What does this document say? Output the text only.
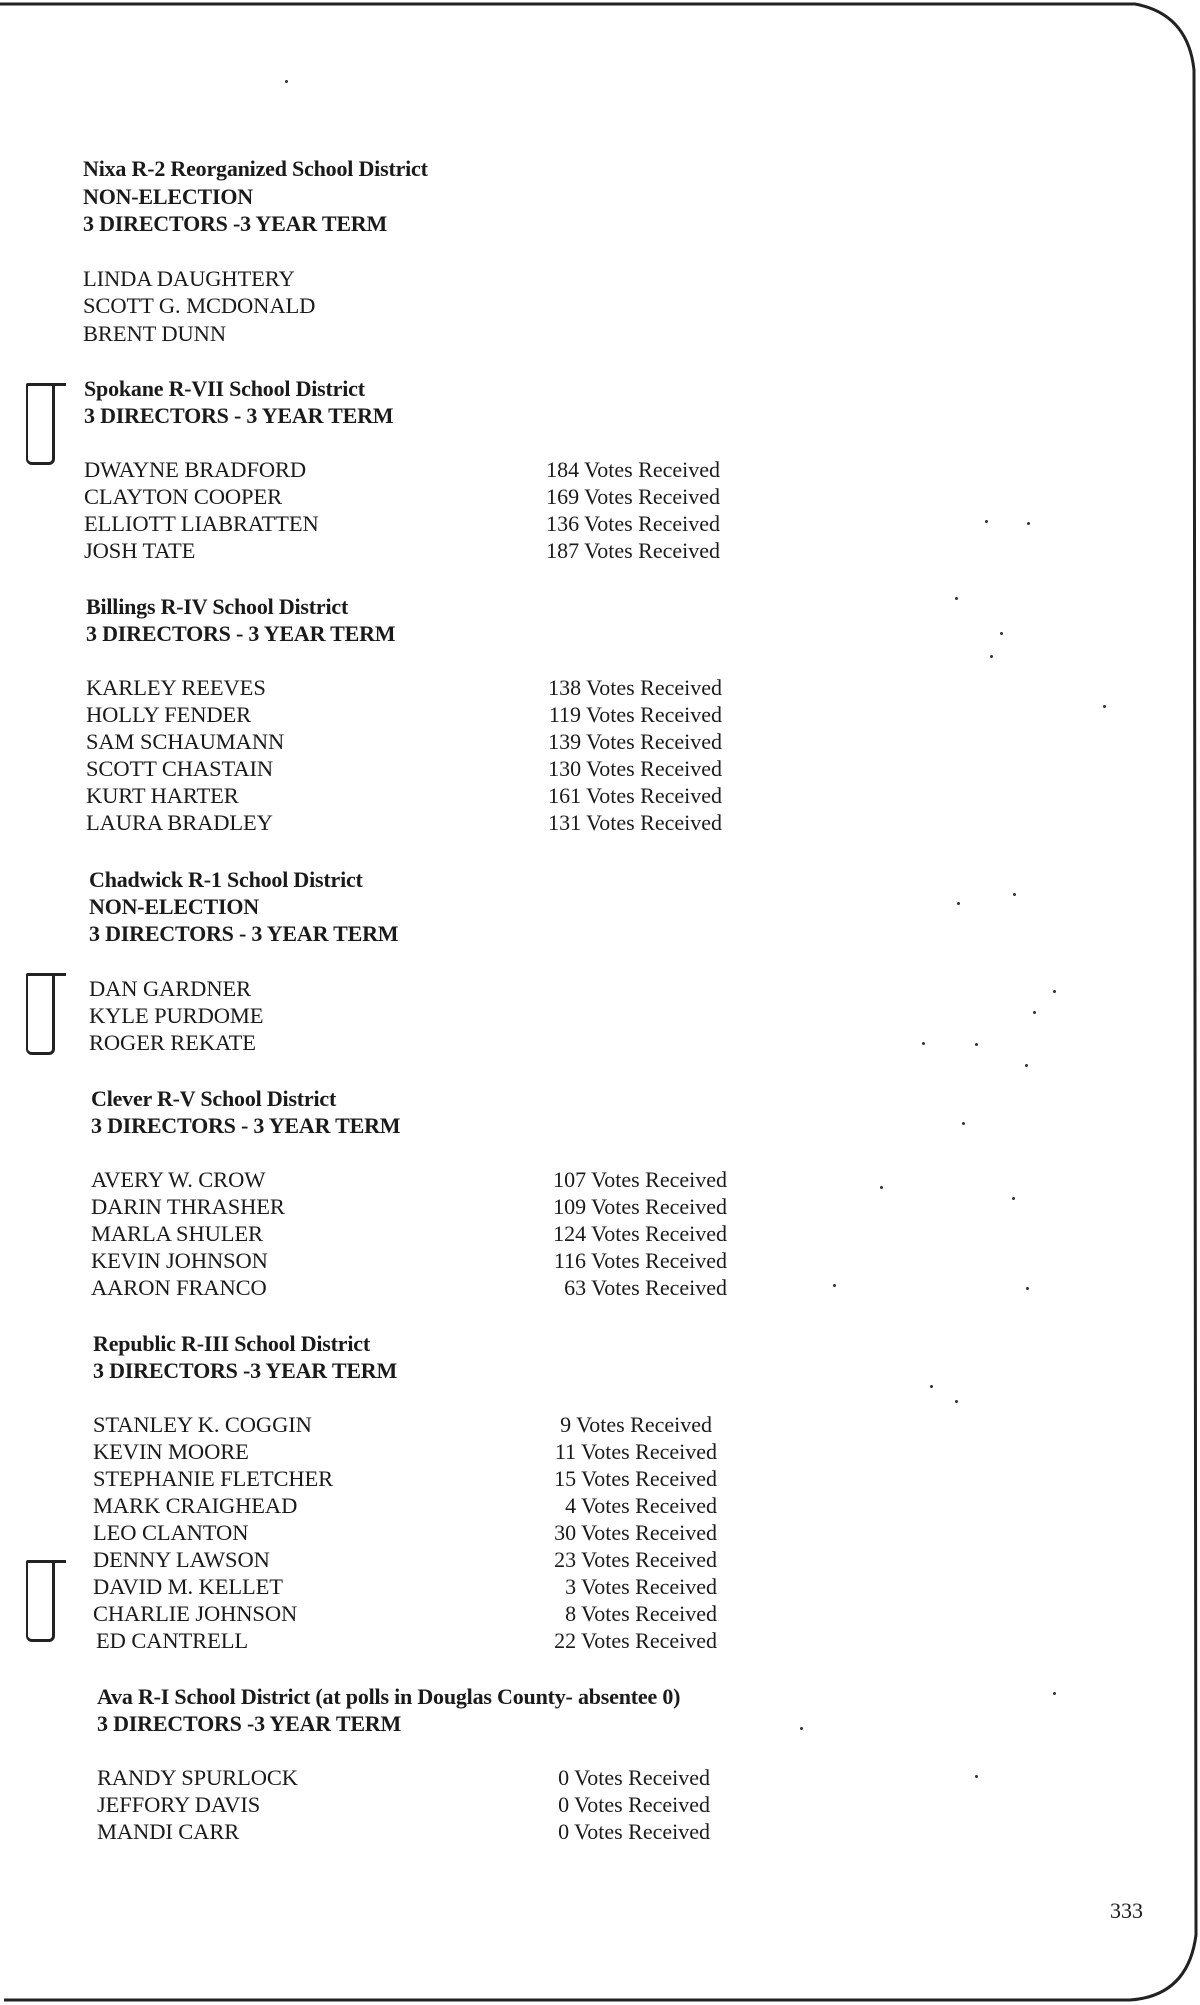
Nixa R-2 Reorganized School District
NON-ELECTION
3 DIRECTORS -3 YEAR TERM
LINDA DAUGHTERY
SCOTT G. MCDONALD
BRENT DUNN
Spokane R-VII School District
3 DIRECTORS - 3 YEAR TERM
DWAYNE BRADFORD	184 Votes Received
CLAYTON COOPER	169 Votes Received
ELLIOTT LIABRATTEN	136 Votes Received
JOSH TATE	187 Votes Received
Billings R-IV School District
3 DIRECTORS - 3 YEAR TERM
KARLEY REEVES	138 Votes Received
HOLLY FENDER	119 Votes Received
SAM SCHAUMANN	139 Votes Received
SCOTT CHASTAIN	130 Votes Received
KURT HARTER	161 Votes Received
LAURA BRADLEY	131 Votes Received
Chadwick R-1 School District
NON-ELECTION
3 DIRECTORS - 3 YEAR TERM
DAN GARDNER
KYLE PURDOME
ROGER REKATE
Clever R-V School District
3 DIRECTORS - 3 YEAR TERM
AVERY W. CROW	107 Votes Received
DARIN THRASHER	109 Votes Received
MARLA SHULER	124 Votes Received
KEVIN JOHNSON	116 Votes Received
AARON FRANCO	63 Votes Received
Republic R-III School District
3 DIRECTORS -3 YEAR TERM
STANLEY K. COGGIN	9 Votes Received
KEVIN MOORE	11 Votes Received
STEPHANIE FLETCHER	15 Votes Received
MARK CRAIGHEAD	4 Votes Received
LEO CLANTON	30 Votes Received
DENNY LAWSON	23 Votes Received
DAVID M. KELLET	3 Votes Received
CHARLIE JOHNSON	8 Votes Received
ED CANTRELL	22 Votes Received
Ava R-I School District (at polls in Douglas County- absentee 0)
3 DIRECTORS -3 YEAR TERM
RANDY SPURLOCK	0 Votes Received
JEFFORY DAVIS	0 Votes Received
MANDI CARR	0 Votes Received
333
